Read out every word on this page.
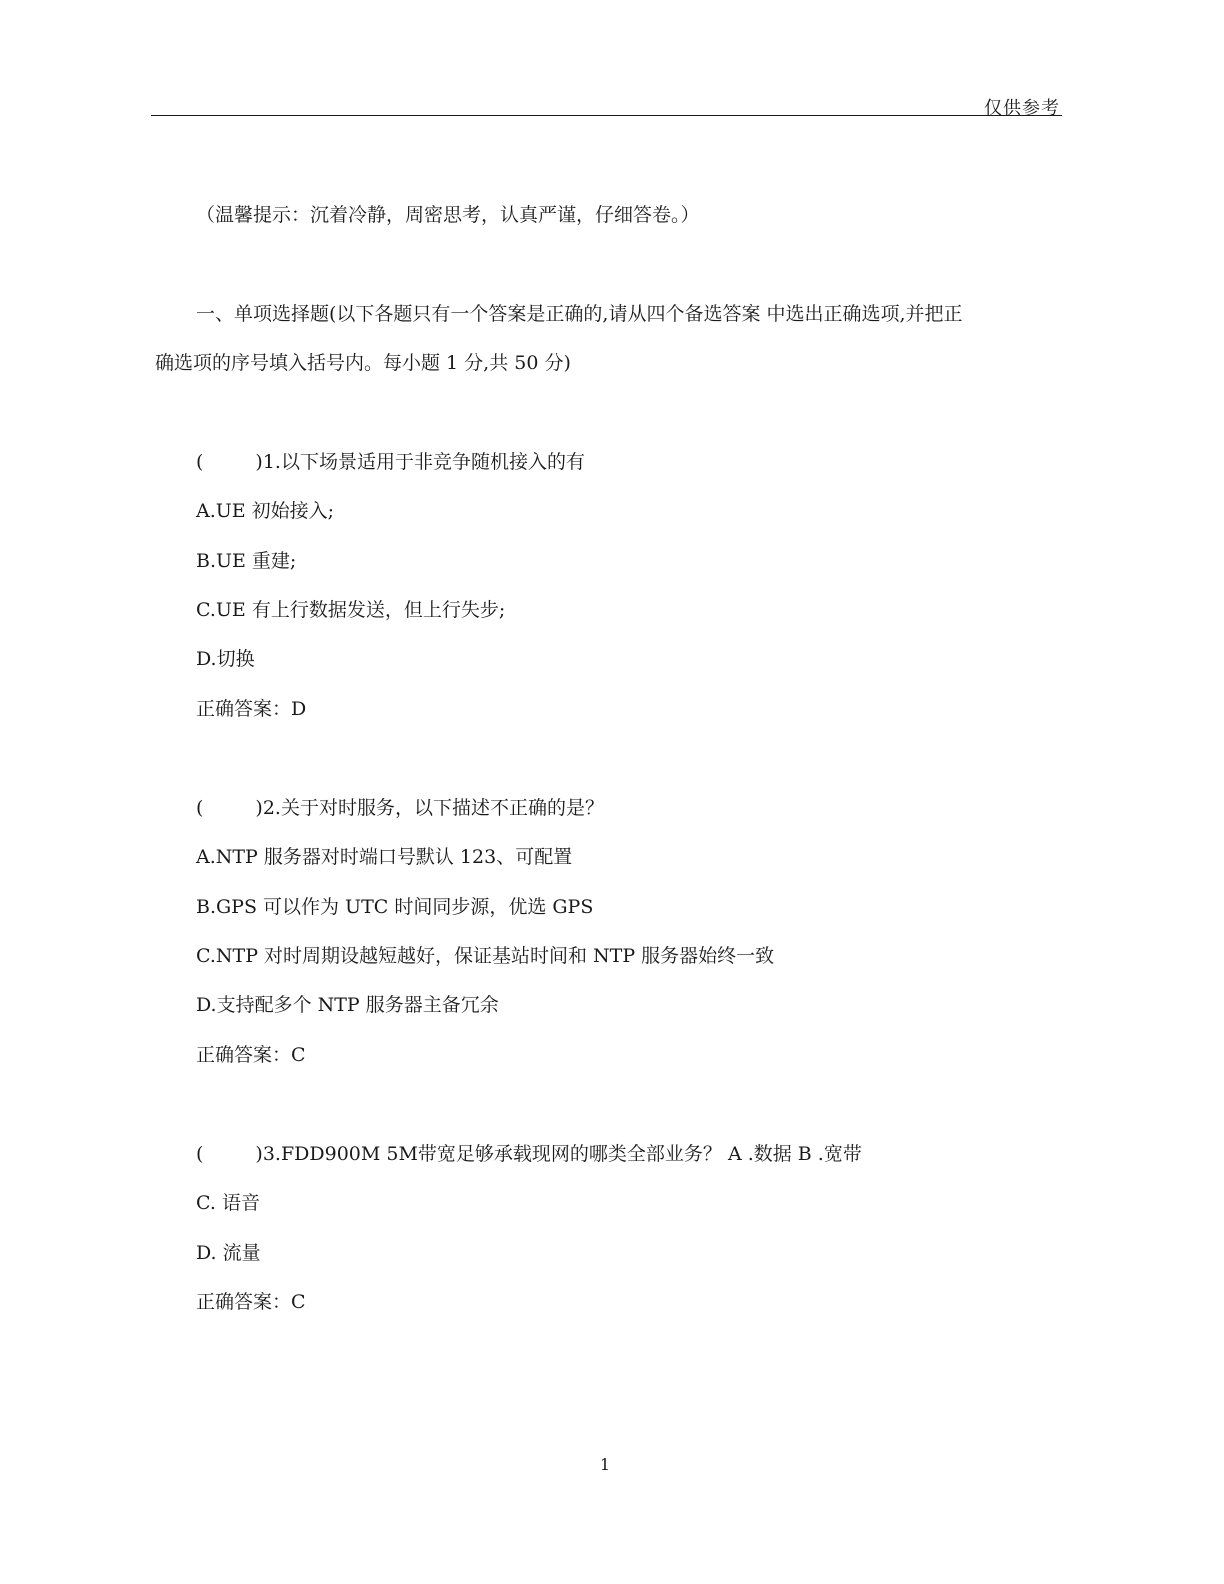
仅供参考
（温馨提示：沉着冷静，周密思考，认真严谨，仔细答卷。）
一、单项选择题(以下各题只有一个答案是正确的,请从四个备选答案 中选出正确选项,并把正
确选项的序号填入括号内。每小题 1 分,共 50 分)
(	)1.以下场景适用于非竞争随机接入的有
A.UE 初始接入;
B.UE 重建;
C.UE 有上行数据发送，但上行失步;
D.切换
正确答案：D
(	)2.关于对时服务，以下描述不正确的是？
A.NTP 服务器对时端口号默认 123、可配置
B.GPS 可以作为 UTC 时间同步源，优选 GPS
C.NTP 对时周期设越短越好，保证基站时间和 NTP 服务器始终一致
D.支持配多个 NTP 服务器主备冗余
正确答案：C
(	)3.FDD900M 5M带宽足够承载现网的哪类全部业务？ A .数据 B .宽带
C. 语音
D. 流量
正确答案：C
1
